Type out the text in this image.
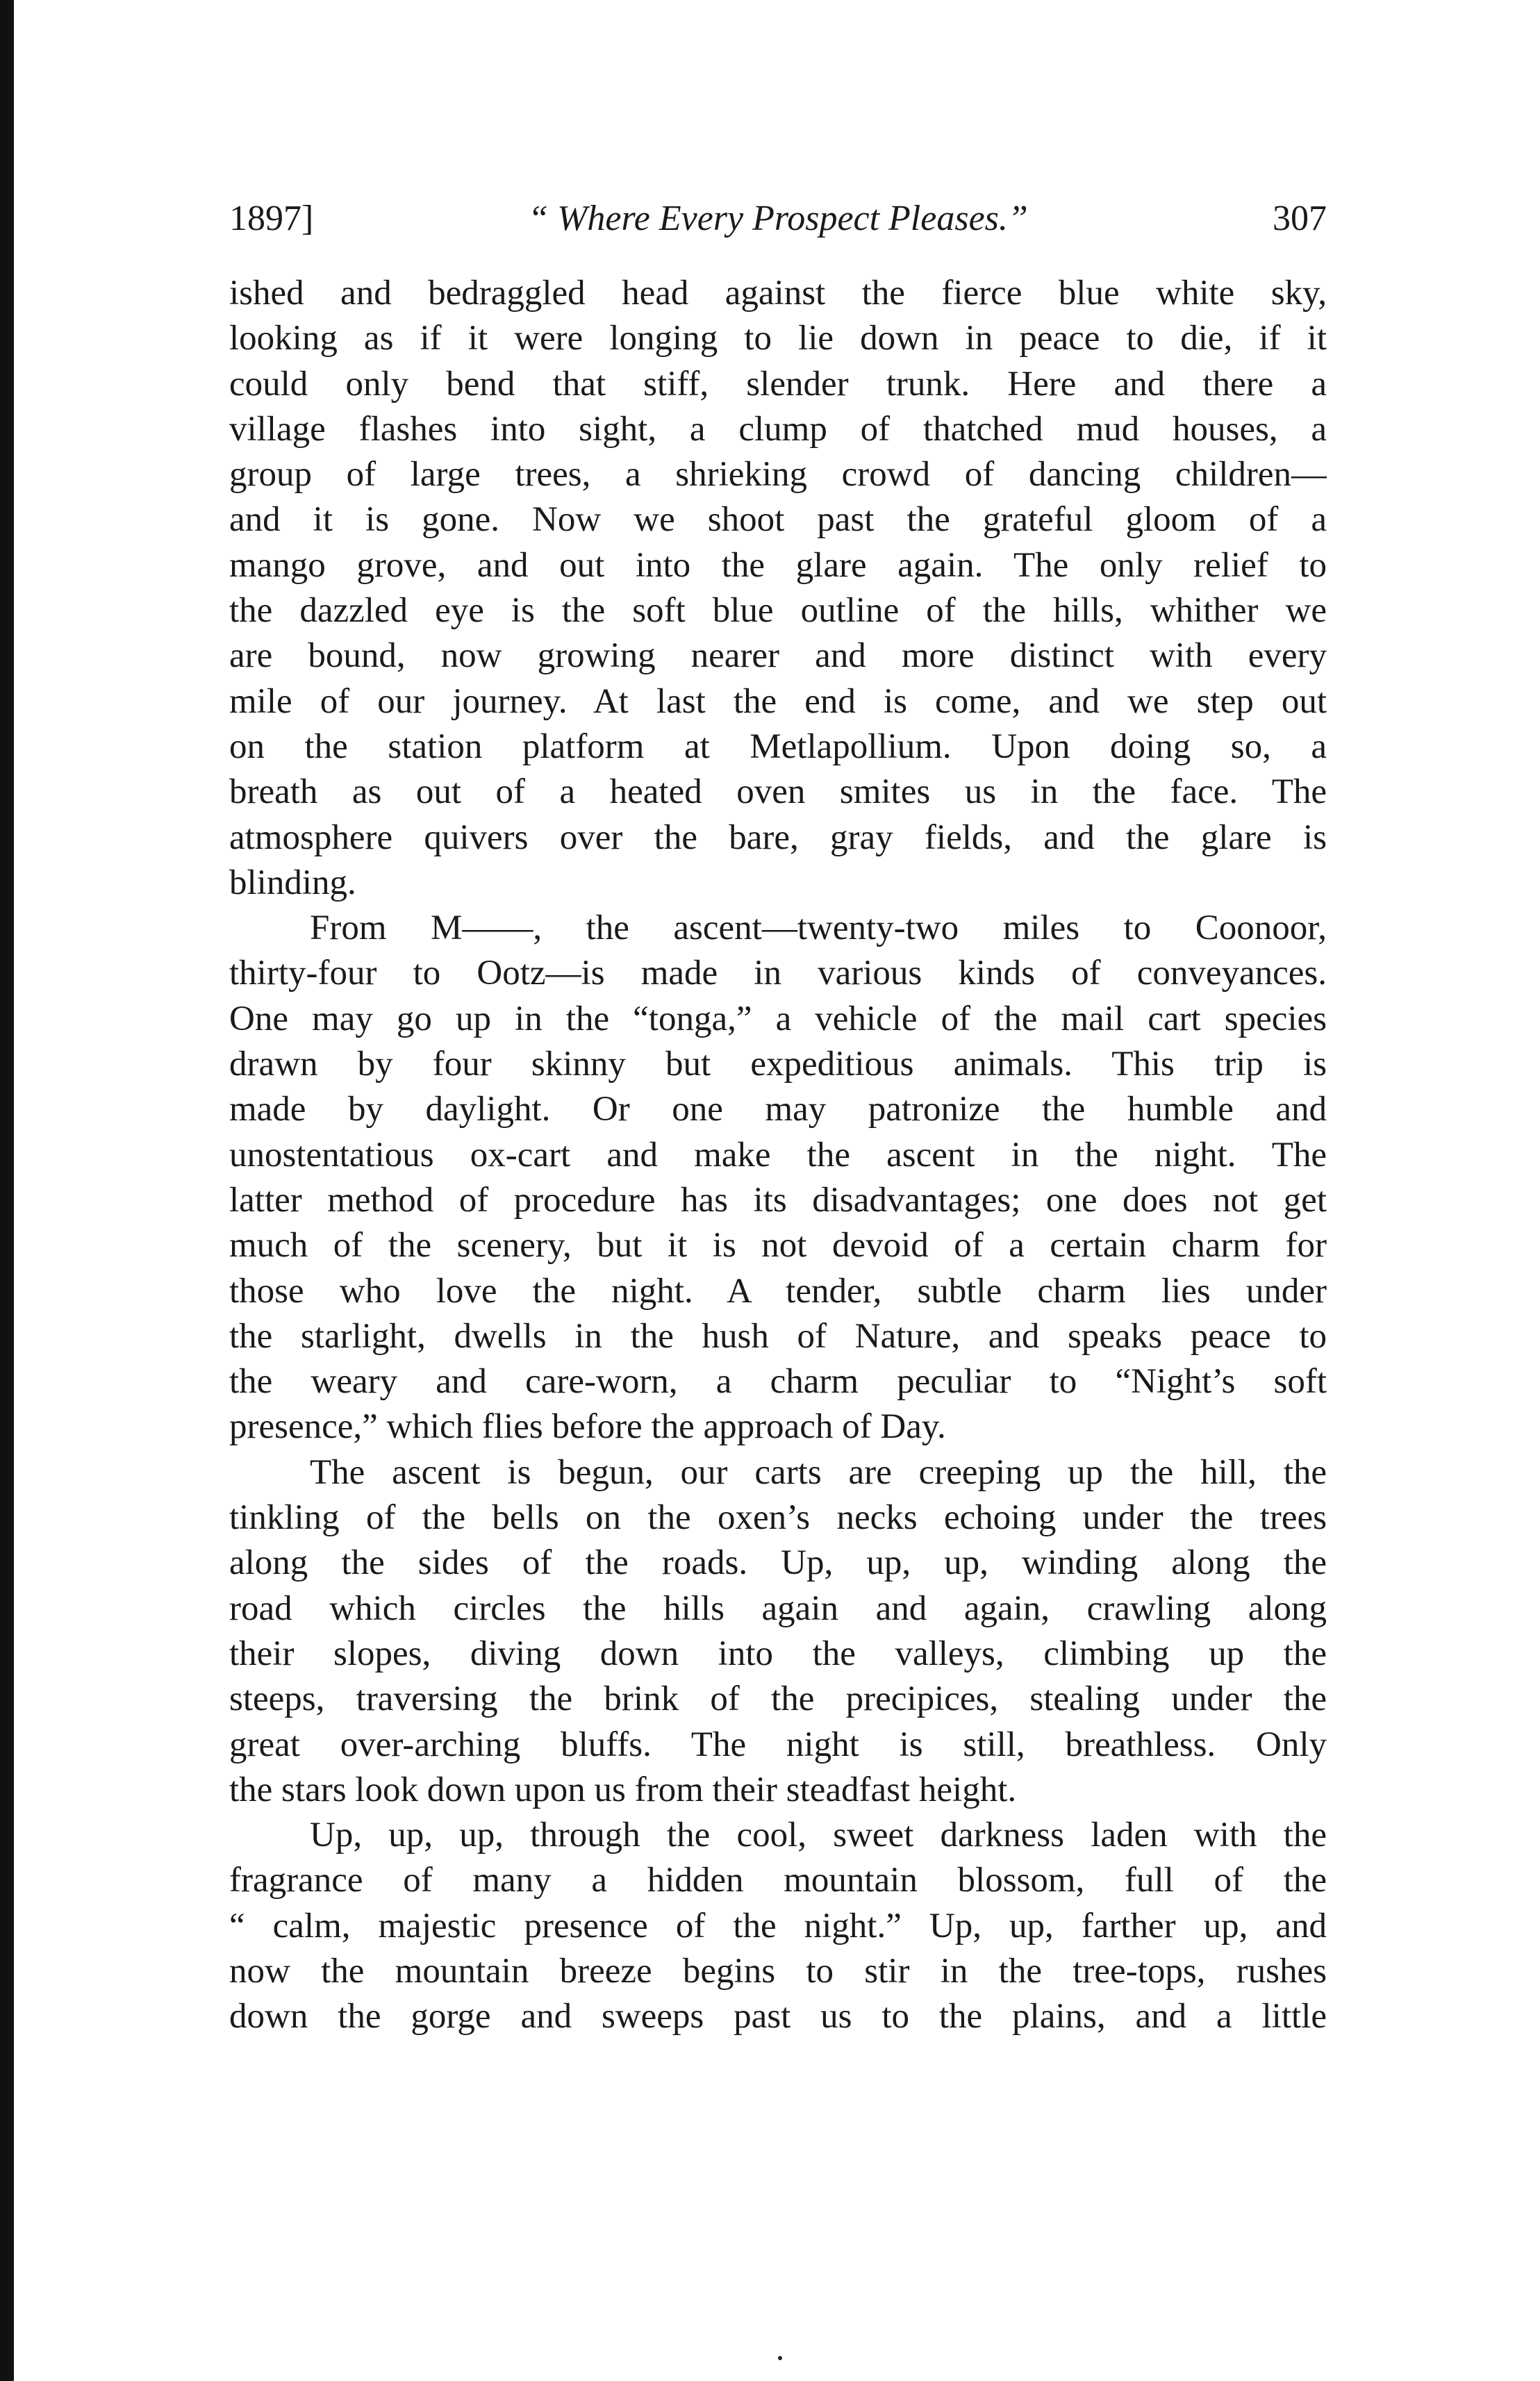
1897]	“ Where Every Prospect Pleases.”	307
ished and bedraggled head against the fierce blue white sky,
looking as if it were longing to lie down in peace to die, if it
could only bend that stiff, slender trunk. Here and there a
village flashes into sight, a clump of thatched mud houses, a
group of large trees, a shrieking crowd of dancing children—
and it is gone. Now we shoot past the grateful gloom of a
mango grove, and out into the glare again. The only relief to
the dazzled eye is the soft blue outline of the hills, whither we
are bound, now growing nearer and more distinct with every
mile of our journey. At last the end is come, and we step out
on the station platform at Metlapollium. Upon doing so, a
breath as out of a heated oven smites us in the face. The
atmosphere quivers over the bare, gray fields, and the glare is
blinding.
From M——, the ascent—twenty-two miles to Coonoor,
thirty-four to Ootz—is made in various kinds of conveyances.
One may go up in the “tonga,” a vehicle of the mail cart species
drawn by four skinny but expeditious animals. This trip is
made by daylight. Or one may patronize the humble and
unostentatious ox-cart and make the ascent in the night. The
latter method of procedure has its disadvantages; one does not get
much of the scenery, but it is not devoid of a certain charm for
those who love the night. A tender, subtle charm lies under
the starlight, dwells in the hush of Nature, and speaks peace to
the weary and care-worn, a charm peculiar to “Night’s soft
presence,” which flies before the approach of Day.
The ascent is begun, our carts are creeping up the hill, the
tinkling of the bells on the oxen’s necks echoing under the trees
along the sides of the roads. Up, up, up, winding along the
road which circles the hills again and again, crawling along
their slopes, diving down into the valleys, climbing up the
steeps, traversing the brink of the precipices, stealing under the
great over-arching bluffs. The night is still, breathless. Only
the stars look down upon us from their steadfast height.
Up, up, up, through the cool, sweet darkness laden with the
fragrance of many a hidden mountain blossom, full of the
“ calm, majestic presence of the night.” Up, up, farther up, and
now the mountain breeze begins to stir in the tree-tops, rushes
down the gorge and sweeps past us to the plains, and a little
